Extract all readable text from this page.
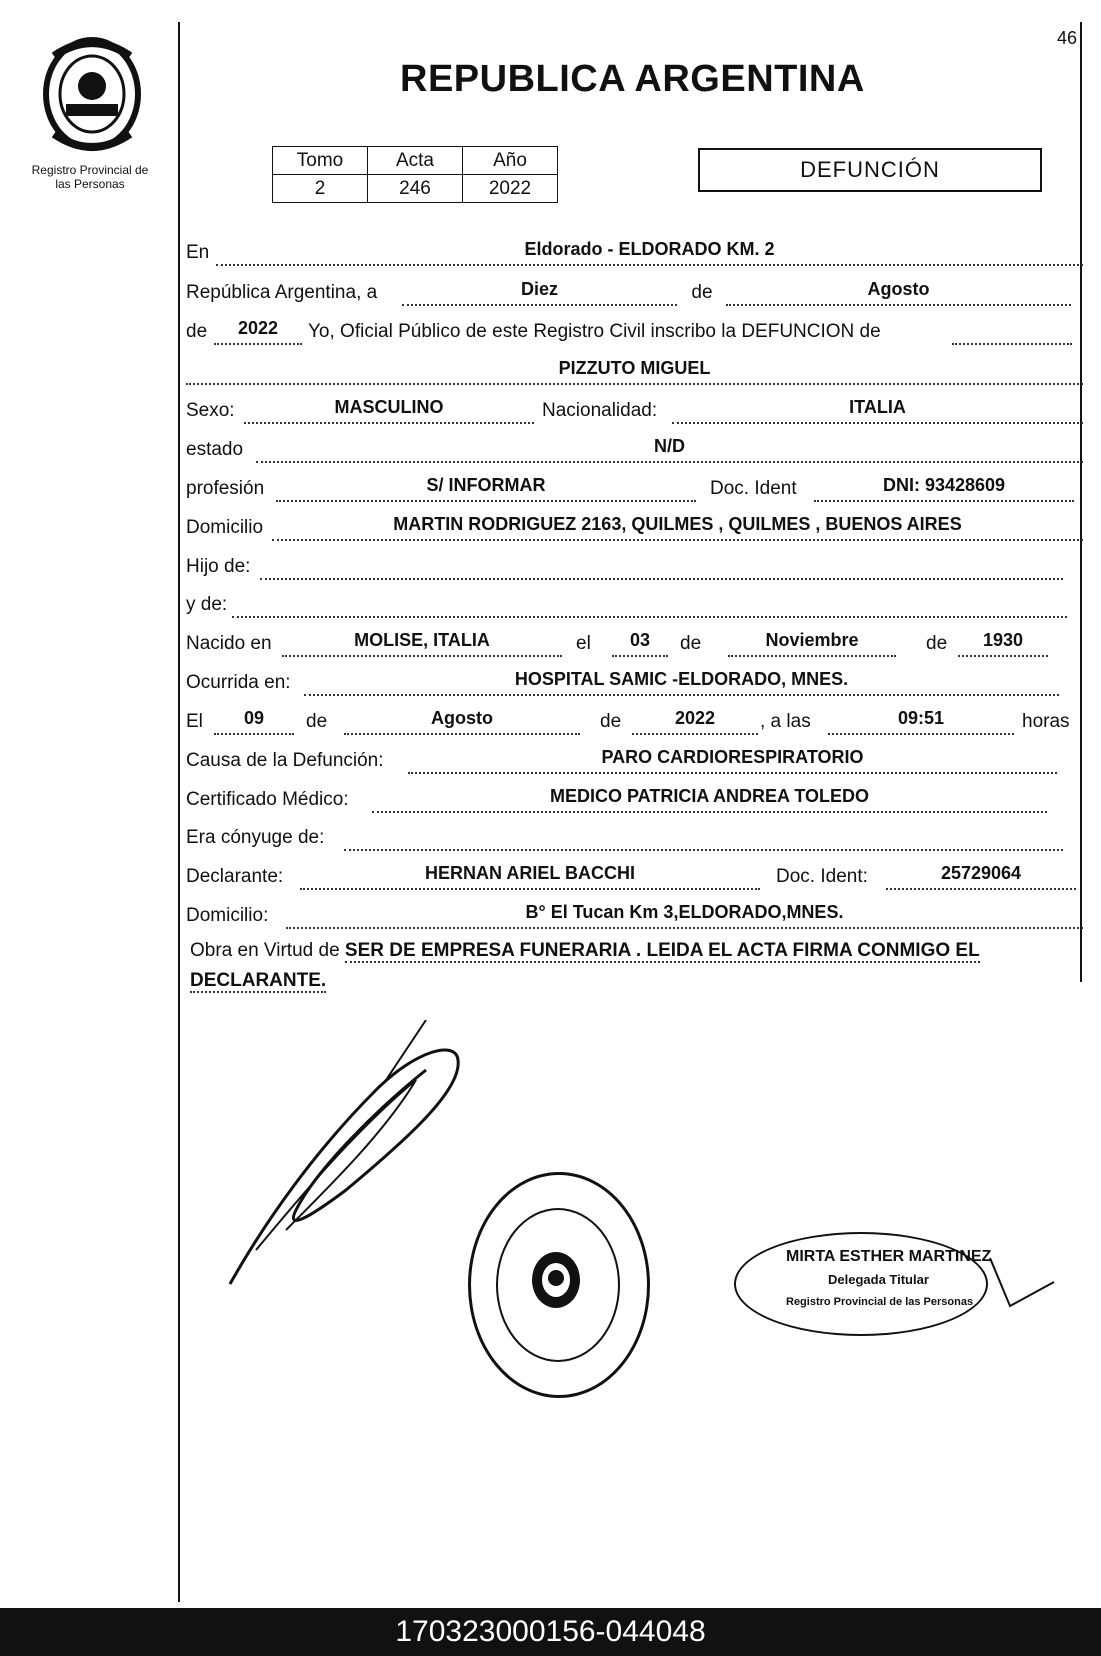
46
Registro Provincial de
las Personas
REPUBLICA ARGENTINA
Tomo	Acta	Año
2	246	2022
DEFUNCIÓN
En	Eldorado - ELDORADO KM. 2
República Argentina, a	Diez	de	Agosto
de	2022	Yo, Oficial Público de este Registro Civil inscribo la DEFUNCION de
PIZZUTO MIGUEL
Sexo:	MASCULINO	Nacionalidad:	ITALIA
estado	N/D
profesión	S/ INFORMAR	Doc. Ident	DNI: 93428609
Domicilio	MARTIN RODRIGUEZ 2163, QUILMES , QUILMES , BUENOS AIRES
Hijo de:
y de:
Nacido en	MOLISE, ITALIA	el	03	de	Noviembre	de	1930
Ocurrida en:	HOSPITAL SAMIC -ELDORADO, MNES.
El	09	de	Agosto	de	2022	, a las	09:51	horas
Causa de la Defunción:	PARO CARDIORESPIRATORIO
Certificado Médico:	MEDICO PATRICIA ANDREA TOLEDO
Era cónyuge de:
Declarante:	HERNAN ARIEL BACCHI	Doc. Ident:	25729064
Domicilio:	B° El Tucan Km 3,ELDORADO,MNES.
Obra en Virtud de SER DE EMPRESA FUNERARIA . LEIDA EL ACTA FIRMA CONMIGO EL DECLARANTE.
MIRTA ESTHER MARTINEZ
Delegada Titular
Registro Provincial de las Personas
170323000156-044048
